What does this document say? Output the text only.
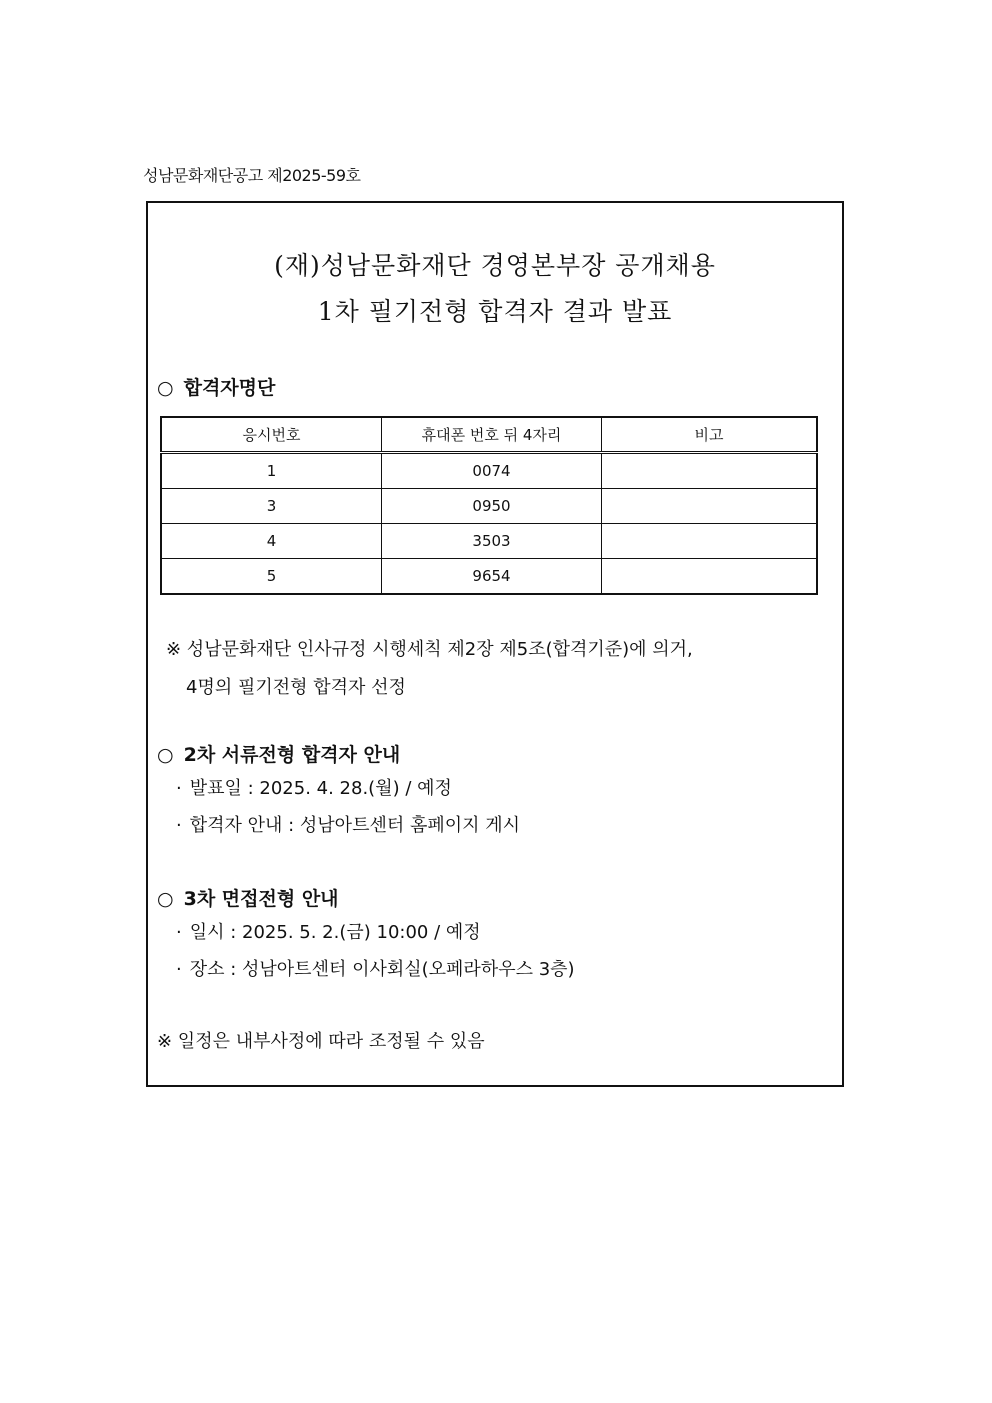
성남문화재단공고 제2025-59호
(재)성남문화재단 경영본부장 공개채용
1차 필기전형 합격자 결과 발표
○ 합격자명단
응시번호	휴대폰 번호 뒤 4자리	비고
1	0074	
3	0950	
4	3503	
5	9654	
※ 성남문화재단 인사규정 시행세칙 제2장 제5조(합격기준)에 의거,
4명의 필기전형 합격자 선정
○ 2차 서류전형 합격자 안내
· 발표일 : 2025. 4. 28.(월) / 예정
· 합격자 안내 : 성남아트센터 홈페이지 게시
○ 3차 면접전형 안내
· 일시 : 2025. 5. 2.(금) 10:00 / 예정
· 장소 : 성남아트센터 이사회실(오페라하우스 3층)
※ 일정은 내부사정에 따라 조정될 수 있음
